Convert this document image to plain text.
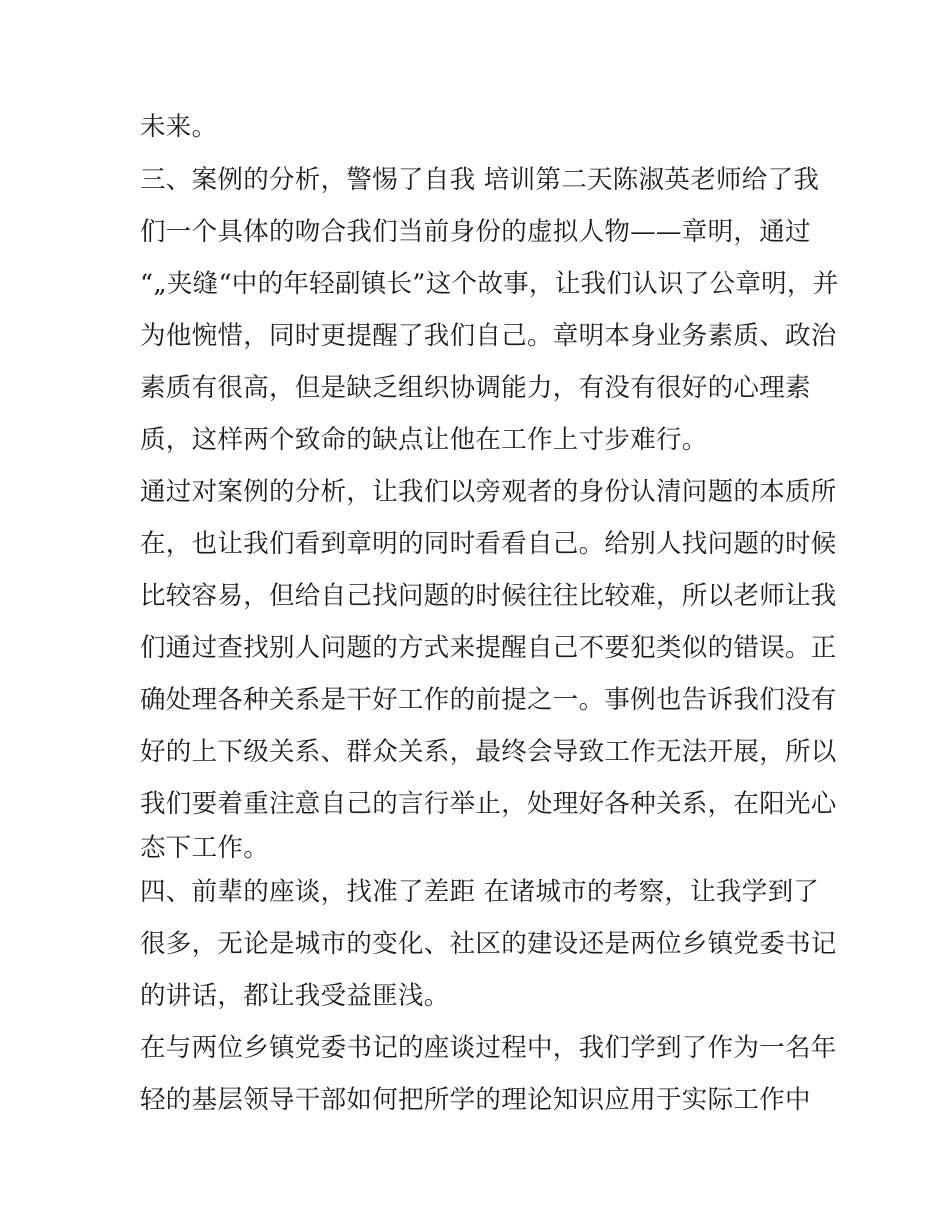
未来。
三、案例的分析，警惕了自我 培训第二天陈淑英老师给了我
们一个具体的吻合我们当前身份的虚拟人物——章明，通过
“„夹缝“中的年轻副镇长”这个故事，让我们认识了公章明，并
为他惋惜，同时更提醒了我们自己。章明本身业务素质、政治
素质有很高，但是缺乏组织协调能力，有没有很好的心理素
质，这样两个致命的缺点让他在工作上寸步难行。
通过对案例的分析，让我们以旁观者的身份认清问题的本质所
在，也让我们看到章明的同时看看自己。给别人找问题的时候
比较容易，但给自己找问题的时候往往比较难，所以老师让我
们通过查找别人问题的方式来提醒自己不要犯类似的错误。正
确处理各种关系是干好工作的前提之一。事例也告诉我们没有
好的上下级关系、群众关系，最终会导致工作无法开展，所以
我们要着重注意自己的言行举止，处理好各种关系，在阳光心
态下工作。
四、前辈的座谈，找准了差距 在诸城市的考察，让我学到了
很多，无论是城市的变化、社区的建设还是两位乡镇党委书记
的讲话，都让我受益匪浅。
在与两位乡镇党委书记的座谈过程中，我们学到了作为一名年
轻的基层领导干部如何把所学的理论知识应用于实际工作中
